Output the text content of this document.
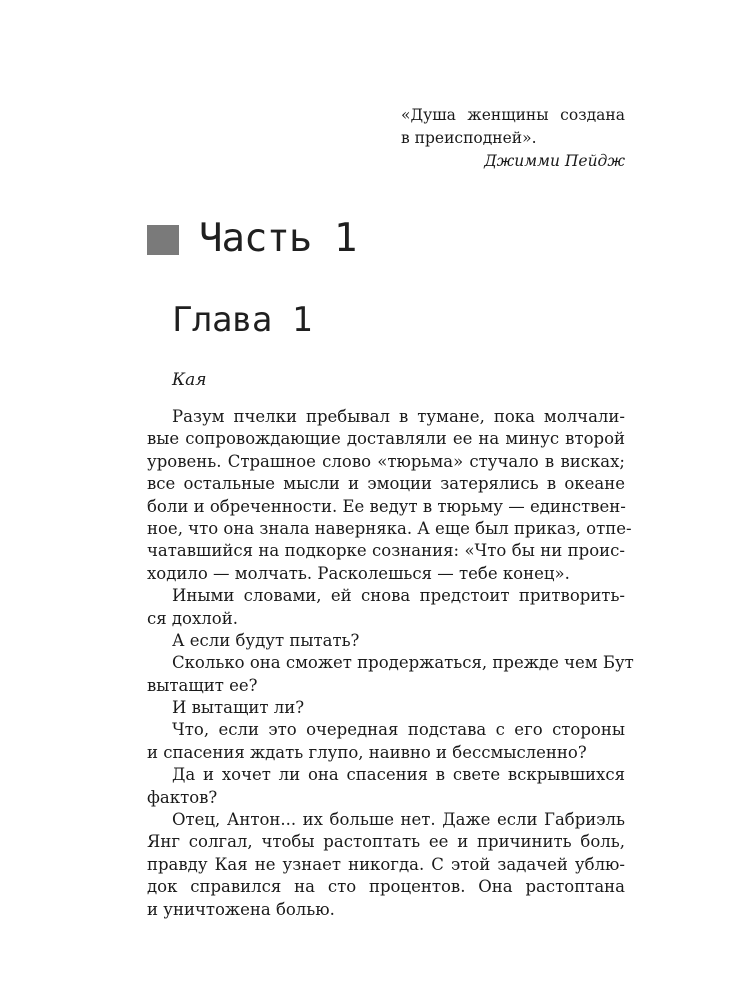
«Душа женщины создана
в преисподней».
Джимми Пейдж
Часть 1
Глава 1
Кая
Разум пчелки пребывал в тумане, пока молчали-
вые сопровождающие доставляли ее на минус второй
уровень. Страшное слово «тюрьма» стучало в висках;
все остальные мысли и эмоции затерялись в океане
боли и обреченности. Ее ведут в тюрьму — единствен-
ное, что она знала наверняка. А еще был приказ, отпе-
чатавшийся на подкорке сознания: «Что бы ни проис-
ходило — молчать. Расколешься — тебе конец».
Иными словами, ей снова предстоит притворить-
ся дохлой.
А если будут пытать?
Сколько она сможет продержаться, прежде чем Бут
вытащит ее?
И вытащит ли?
Что, если это очередная подстава с его стороны
и спасения ждать глупо, наивно и бессмысленно?
Да и хочет ли она спасения в свете вскрывшихся
фактов?
Отец, Антон... их больше нет. Даже если Габриэль
Янг солгал, чтобы растоптать ее и причинить боль,
правду Кая не узнает никогда. С этой задачей ублю-
док справился на сто процентов. Она растоптана
и уничтожена болью.
